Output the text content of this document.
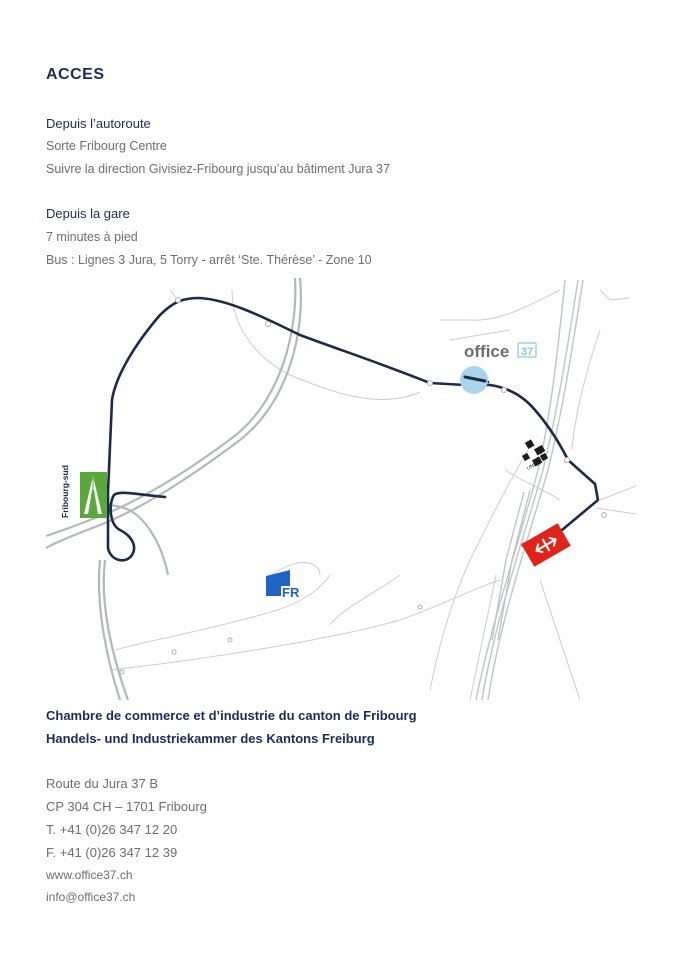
ACCES
Depuis l’autoroute
Sorte Fribourg Centre
Suivre la direction Givisiez-Fribourg jusqu’au bâtiment Jura 37
Depuis la gare
7 minutes à pied
Bus : Lignes 3 Jura, 5 Torry - arrêt ‘Ste. Thérèse’ - Zone 10
office 37
UNI FR
Fribourg-sud
FR
Chambre de commerce et d’industrie du canton de Fribourg
Handels- und Industriekammer des Kantons Freiburg
Route du Jura 37 B
CP 304 CH – 1701 Fribourg
T. +41 (0)26 347 12 20
F. +41 (0)26 347 12 39
www.office37.ch
info@office37.ch
